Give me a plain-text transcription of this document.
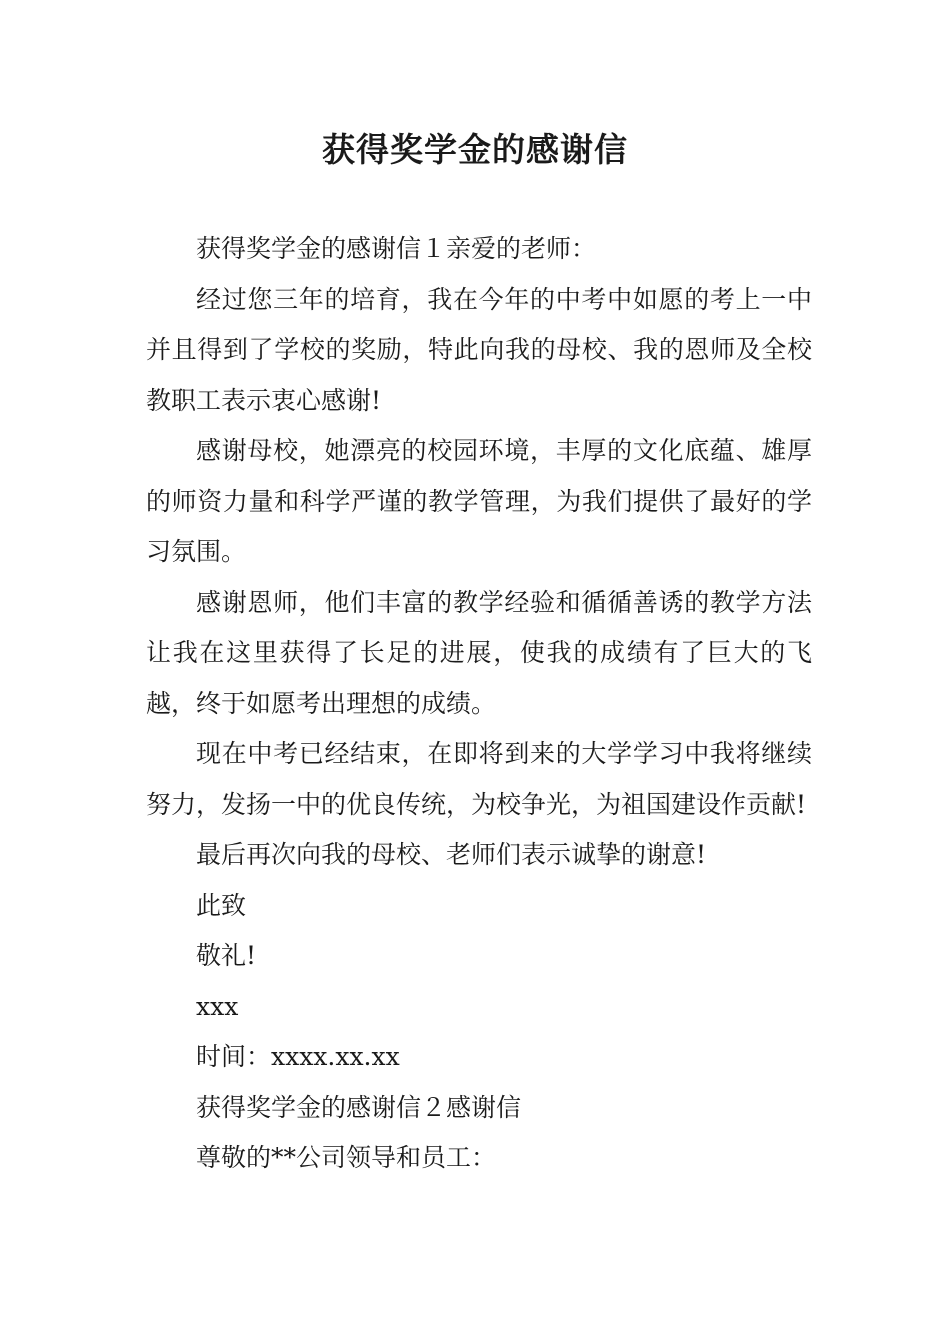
获得奖学金的感谢信

获得奖学金的感谢信１亲爱的老师：

经过您三年的培育，我在今年的中考中如愿的考上一中并且得到了学校的奖励，特此向我的母校、我的恩师及全校教职工表示衷心感谢!

感谢母校，她漂亮的校园环境，丰厚的文化底蕴、雄厚的师资力量和科学严谨的教学管理，为我们提供了最好的学习氛围。

感谢恩师，他们丰富的教学经验和循循善诱的教学方法让我在这里获得了长足的进展，使我的成绩有了巨大的飞越，终于如愿考出理想的成绩。

现在中考已经结束，在即将到来的大学学习中我将继续努力，发扬一中的优良传统，为校争光，为祖国建设作贡献!

最后再次向我的母校、老师们表示诚挚的谢意!

此致

敬礼!

xxx

时间：xxxx.xx.xx

获得奖学金的感谢信２感谢信

尊敬的**公司领导和员工：
